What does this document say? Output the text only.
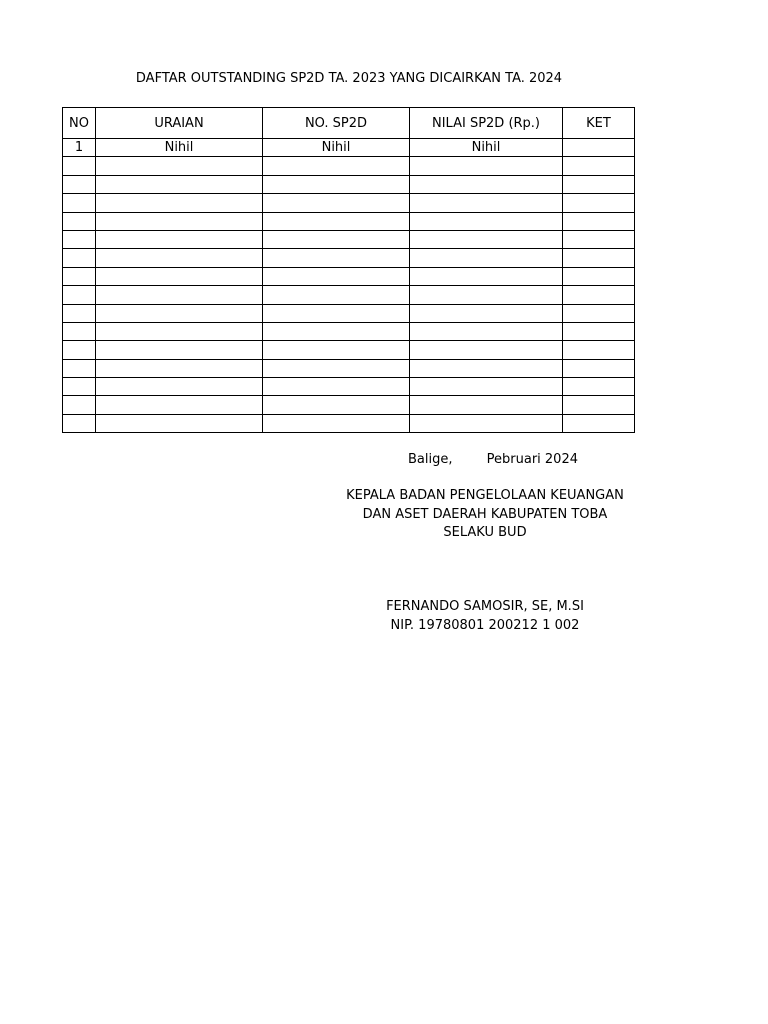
DAFTAR OUTSTANDING SP2D TA. 2023 YANG DICAIRKAN TA. 2024
NO	URAIAN	NO. SP2D	NILAI SP2D (Rp.)	KET
1	Nihil	Nihil	Nihil	

Balige,	Pebruari 2024
KEPALA BADAN PENGELOLAAN KEUANGAN
DAN ASET DAERAH KABUPATEN TOBA
SELAKU BUD
FERNANDO SAMOSIR, SE, M.SI
NIP. 19780801 200212 1 002
